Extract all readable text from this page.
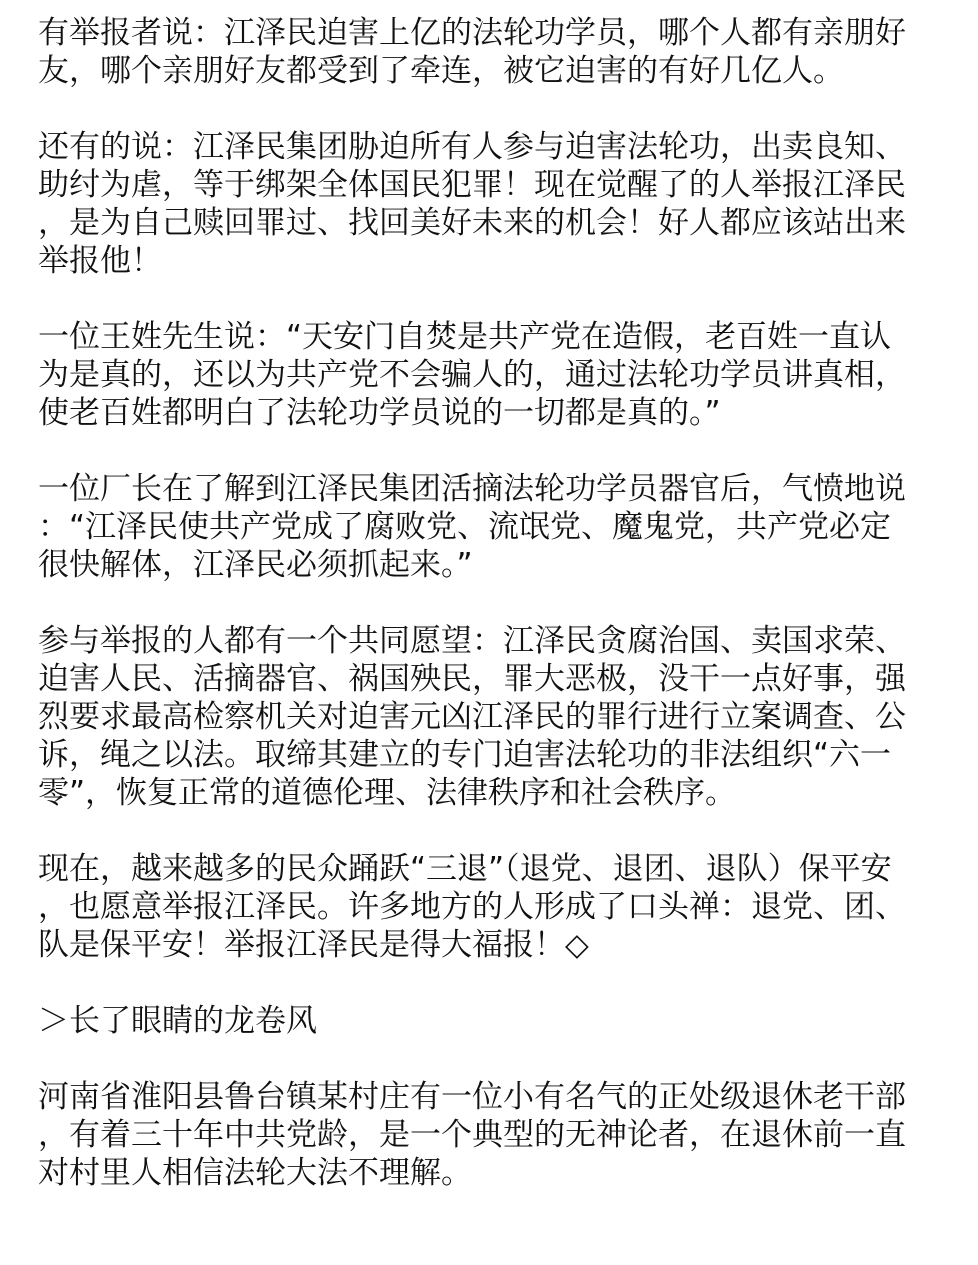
有举报者说：江泽民迫害上亿的法轮功学员，哪个人都有亲朋好
友，哪个亲朋好友都受到了牵连，被它迫害的有好几亿人。

还有的说：江泽民集团胁迫所有人参与迫害法轮功，出卖良知、
助纣为虐，等于绑架全体国民犯罪！现在觉醒了的人举报江泽民
，是为自己赎回罪过、找回美好未来的机会！好人都应该站出来
举报他！

一位王姓先生说：“天安门自焚是共产党在造假，老百姓一直认
为是真的，还以为共产党不会骗人的，通过法轮功学员讲真相，
使老百姓都明白了法轮功学员说的一切都是真的。”

一位厂长在了解到江泽民集团活摘法轮功学员器官后，气愤地说
：“江泽民使共产党成了腐败党、流氓党、魔鬼党，共产党必定
很快解体，江泽民必须抓起来。”

参与举报的人都有一个共同愿望：江泽民贪腐治国、卖国求荣、
迫害人民、活摘器官、祸国殃民，罪大恶极，没干一点好事，强
烈要求最高检察机关对迫害元凶江泽民的罪行进行立案调查、公
诉，绳之以法。取缔其建立的专门迫害法轮功的非法组织“六一
零”，恢复正常的道德伦理、法律秩序和社会秩序。

现在，越来越多的民众踊跃“三退”（退党、退团、退队）保平安
，也愿意举报江泽民。许多地方的人形成了口头禅：退党、团、
队是保平安！举报江泽民是得大福报！◇

＞长了眼睛的龙卷风

河南省淮阳县鲁台镇某村庄有一位小有名气的正处级退休老干部
，有着三十年中共党龄，是一个典型的无神论者，在退休前一直
对村里人相信法轮大法不理解。
